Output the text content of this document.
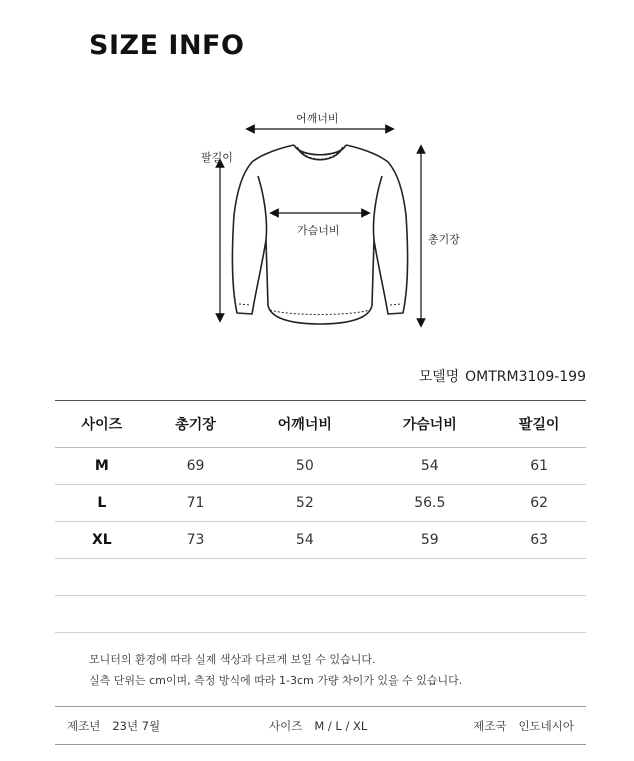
SIZE INFO
어깨너비
팔길이
가슴너비
총기장
모델명 OMTRM3109-199
사이즈	총기장	어깨너비	가슴너비	팔길이
M	69	50	54	61
L	71	52	56.5	62
XL	73	54	59	63

모니터의 환경에 따라 실제 색상과 다르게 보일 수 있습니다.
실측 단위는 cm이며, 측정 방식에 따라 1-3cm 가량 차이가 있을 수 있습니다.
제조년 23년 7월	사이즈 M / L / XL	제조국 인도네시아
